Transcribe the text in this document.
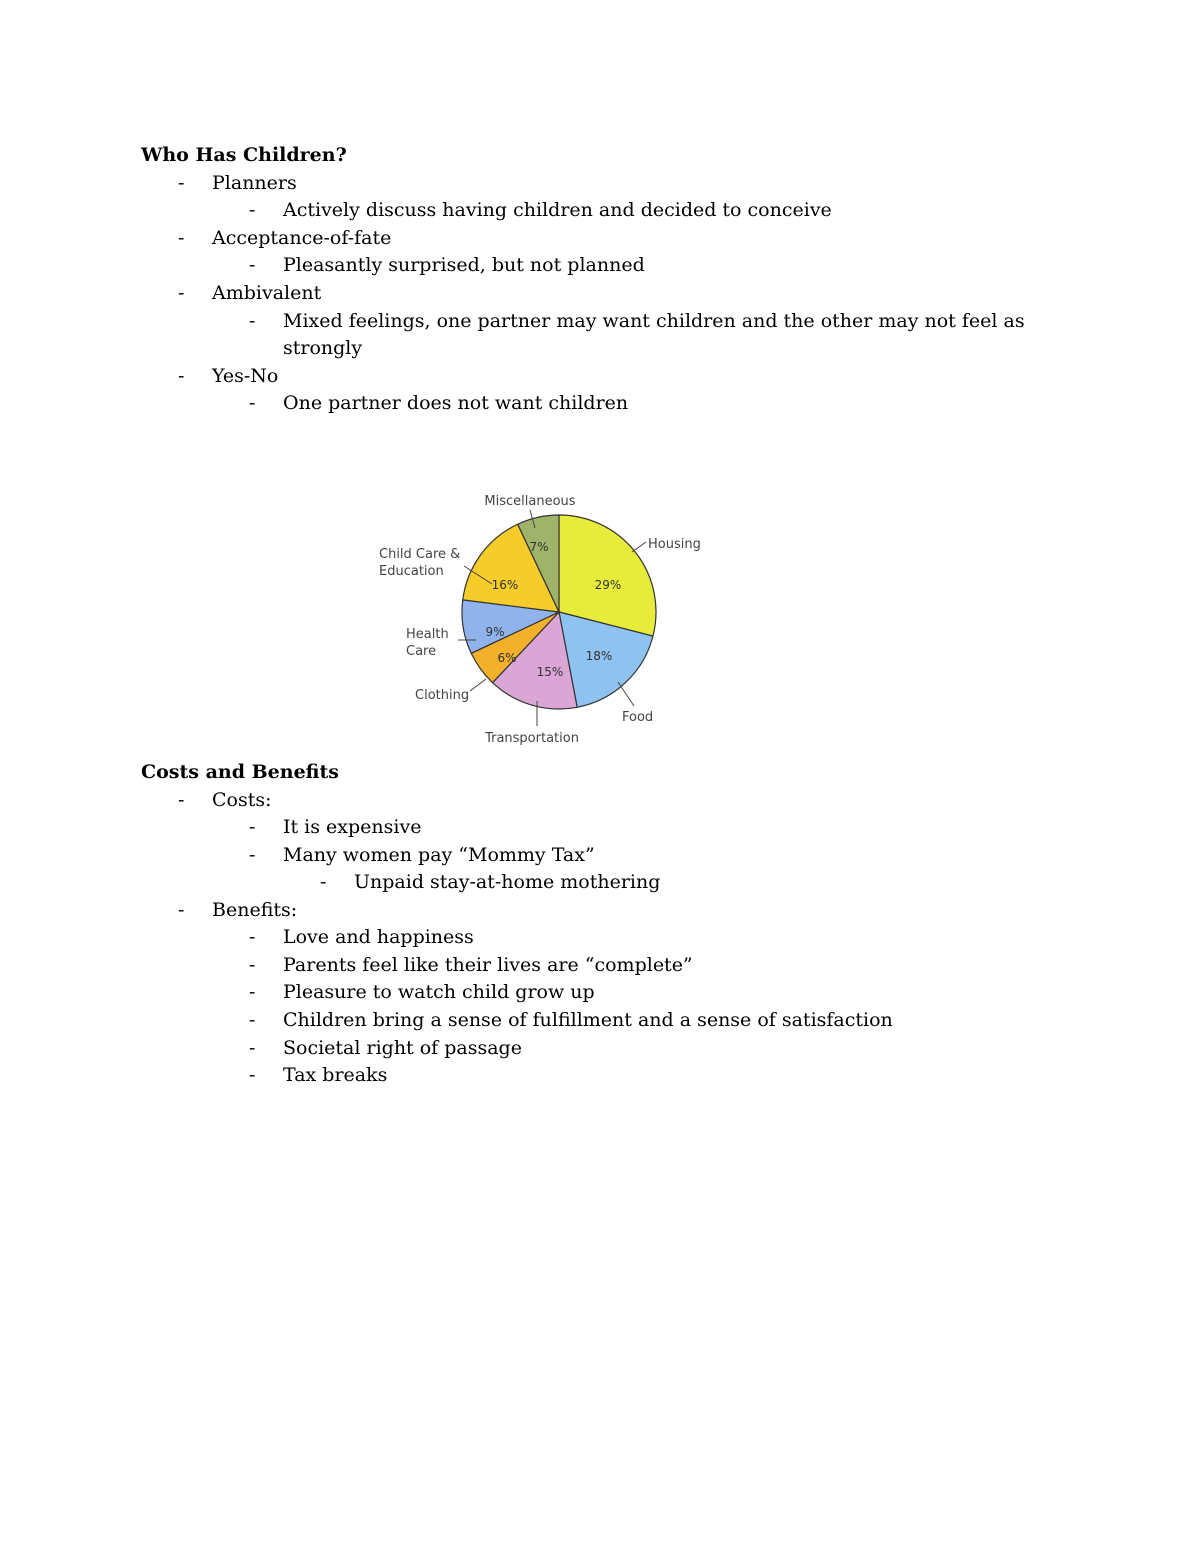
Who Has Children?
- Planners
- Actively discuss having children and decided to conceive
- Acceptance-of-fate
- Pleasantly surprised, but not planned
- Ambivalent
- Mixed feelings, one partner may want children and the other may not feel as
strongly
- Yes-No
- One partner does not want children
29%
Housing
18%
Food
15%
Transportation
6%
Clothing
9%
Health Care
16%
Child Care & Education
7%
Miscellaneous
Costs and Benefits
- Costs:
- It is expensive
- Many women pay “Mommy Tax”
- Unpaid stay-at-home mothering
- Benefits:
- Love and happiness
- Parents feel like their lives are “complete”
- Pleasure to watch child grow up
- Children bring a sense of fulfillment and a sense of satisfaction
- Societal right of passage
- Tax breaks
